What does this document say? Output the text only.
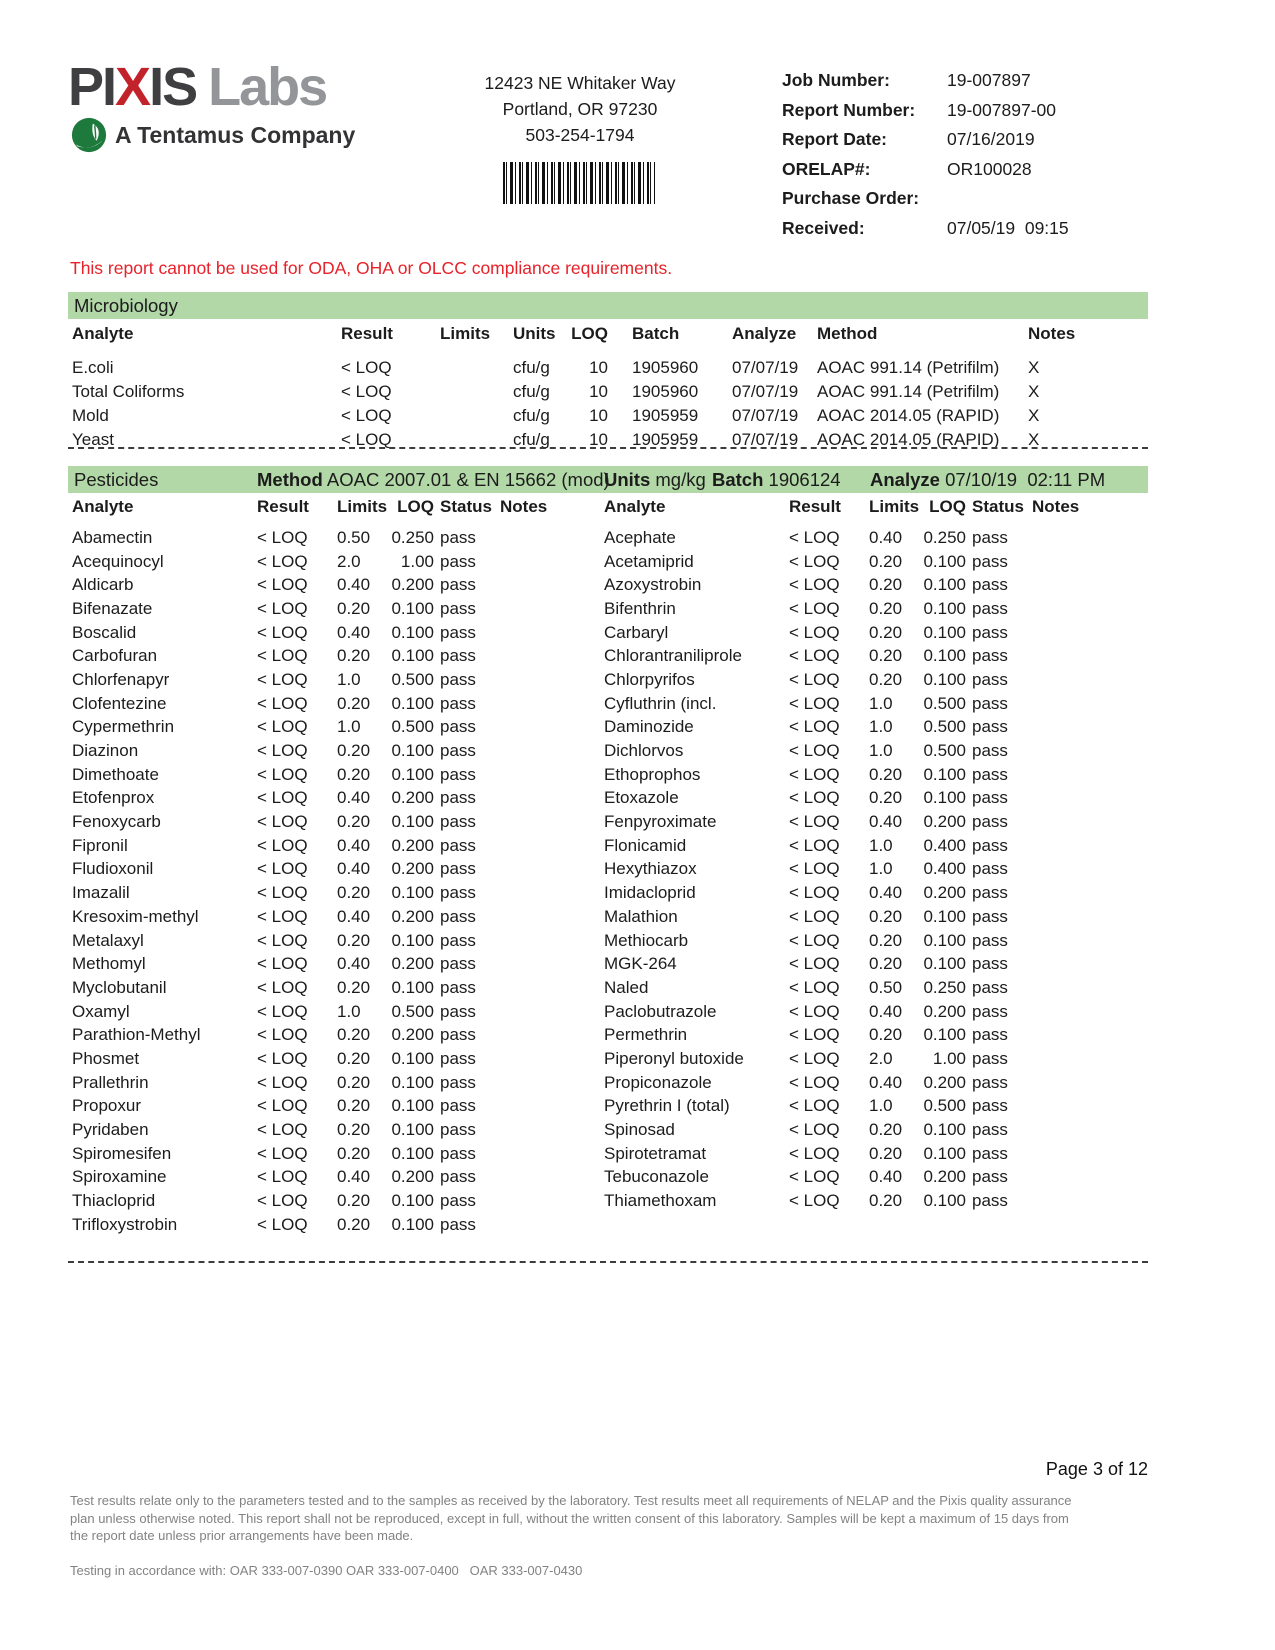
PIXIS Labs
A Tentamus Company
12423 NE Whitaker Way
Portland, OR 97230
503-254-1794
Job Number:	19-007897
Report Number:	19-007897-00
Report Date:	07/16/2019
ORELAP#:	OR100028
Purchase Order:
Received:	07/05/19  09:15
This report cannot be used for ODA, OHA or OLCC compliance requirements.
Microbiology
Analyte	Result	Limits	Units	LOQ	Batch	Analyze	Method	Notes
E.coli	< LOQ		cfu/g	10	1905960	07/07/19	AOAC 991.14 (Petrifilm)	X
Total Coliforms	< LOQ		cfu/g	10	1905960	07/07/19	AOAC 991.14 (Petrifilm)	X
Mold	< LOQ		cfu/g	10	1905959	07/07/19	AOAC 2014.05 (RAPID)	X
Yeast	< LOQ		cfu/g	10	1905959	07/07/19	AOAC 2014.05 (RAPID)	X
Pesticides	Method AOAC 2007.01 & EN 15662 (mod)
Units mg/kg Batch 1906124 Analyze 07/10/19  02:11 PM
Analyte	Result	Limits	LOQ	Status	Notes
Abamectin	< LOQ	0.50	0.250	pass	
Acequinocyl	< LOQ	2.0	1.00	pass	
Aldicarb	< LOQ	0.40	0.200	pass	
Bifenazate	< LOQ	0.20	0.100	pass	
Boscalid	< LOQ	0.40	0.100	pass	
Carbofuran	< LOQ	0.20	0.100	pass	
Chlorfenapyr	< LOQ	1.0	0.500	pass	
Clofentezine	< LOQ	0.20	0.100	pass	
Cypermethrin	< LOQ	1.0	0.500	pass	
Diazinon	< LOQ	0.20	0.100	pass	
Dimethoate	< LOQ	0.20	0.100	pass	
Etofenprox	< LOQ	0.40	0.200	pass	
Fenoxycarb	< LOQ	0.20	0.100	pass	
Fipronil	< LOQ	0.40	0.200	pass	
Fludioxonil	< LOQ	0.40	0.200	pass	
Imazalil	< LOQ	0.20	0.100	pass	
Kresoxim-methyl	< LOQ	0.40	0.200	pass	
Metalaxyl	< LOQ	0.20	0.100	pass	
Methomyl	< LOQ	0.40	0.200	pass	
Myclobutanil	< LOQ	0.20	0.100	pass	
Oxamyl	< LOQ	1.0	0.500	pass	
Parathion-Methyl	< LOQ	0.20	0.200	pass	
Phosmet	< LOQ	0.20	0.100	pass	
Prallethrin	< LOQ	0.20	0.100	pass	
Propoxur	< LOQ	0.20	0.100	pass	
Pyridaben	< LOQ	0.20	0.100	pass	
Spiromesifen	< LOQ	0.20	0.100	pass	
Spiroxamine	< LOQ	0.40	0.200	pass	
Thiacloprid	< LOQ	0.20	0.100	pass	
Trifloxystrobin	< LOQ	0.20	0.100	pass	
Analyte	Result	Limits	LOQ	Status	Notes
Acephate	< LOQ	0.40	0.250	pass	
Acetamiprid	< LOQ	0.20	0.100	pass	
Azoxystrobin	< LOQ	0.20	0.100	pass	
Bifenthrin	< LOQ	0.20	0.100	pass	
Carbaryl	< LOQ	0.20	0.100	pass	
Chlorantraniliprole	< LOQ	0.20	0.100	pass	
Chlorpyrifos	< LOQ	0.20	0.100	pass	
Cyfluthrin (incl.	< LOQ	1.0	0.500	pass	
Daminozide	< LOQ	1.0	0.500	pass	
Dichlorvos	< LOQ	1.0	0.500	pass	
Ethoprophos	< LOQ	0.20	0.100	pass	
Etoxazole	< LOQ	0.20	0.100	pass	
Fenpyroximate	< LOQ	0.40	0.200	pass	
Flonicamid	< LOQ	1.0	0.400	pass	
Hexythiazox	< LOQ	1.0	0.400	pass	
Imidacloprid	< LOQ	0.40	0.200	pass	
Malathion	< LOQ	0.20	0.100	pass	
Methiocarb	< LOQ	0.20	0.100	pass	
MGK-264	< LOQ	0.20	0.100	pass	
Naled	< LOQ	0.50	0.250	pass	
Paclobutrazole	< LOQ	0.40	0.200	pass	
Permethrin	< LOQ	0.20	0.100	pass	
Piperonyl butoxide	< LOQ	2.0	1.00	pass	
Propiconazole	< LOQ	0.40	0.200	pass	
Pyrethrin I (total)	< LOQ	1.0	0.500	pass	
Spinosad	< LOQ	0.20	0.100	pass	
Spirotetramat	< LOQ	0.20	0.100	pass	
Tebuconazole	< LOQ	0.40	0.200	pass	
Thiamethoxam	< LOQ	0.20	0.100	pass	
Page 3 of 12
Test results relate only to the parameters tested and to the samples as received by the laboratory. Test results meet all requirements of NELAP and the Pixis quality assurance plan unless otherwise noted. This report shall not be reproduced, except in full, without the written consent of this laboratory. Samples will be kept a maximum of 15 days from the report date unless prior arrangements have been made.
Testing in accordance with: OAR 333-007-0390 OAR 333-007-0400   OAR 333-007-0430
